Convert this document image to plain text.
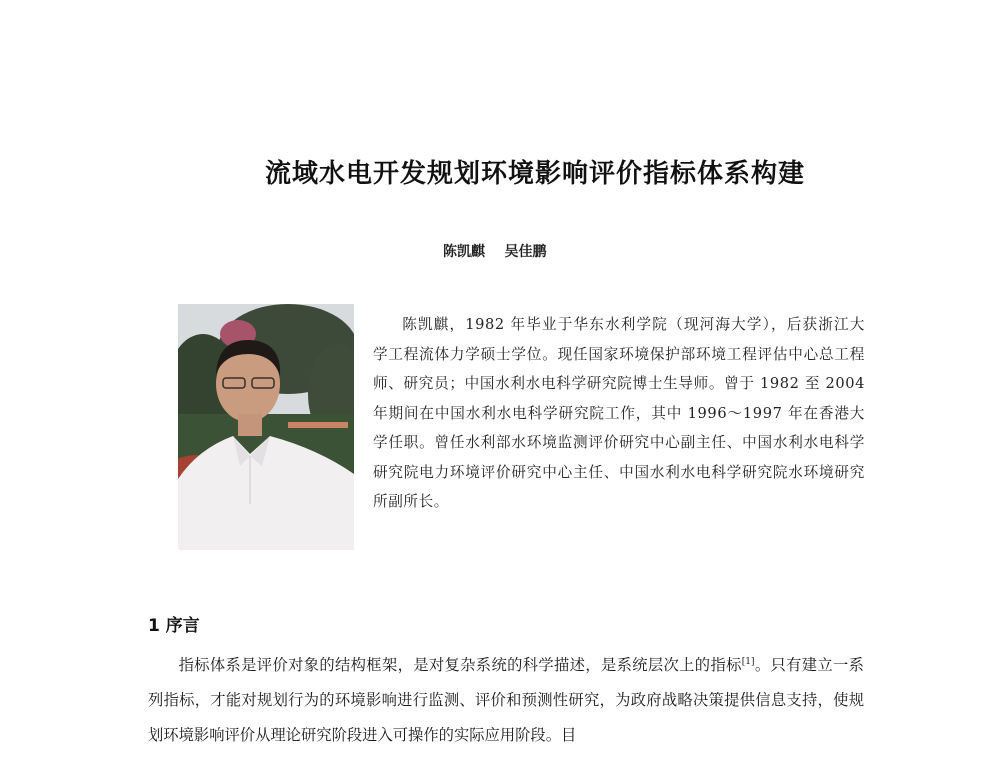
流域水电开发规划环境影响评价指标体系构建
陈凯麒 吴佳鹏

陈凯麒，1982 年毕业于华东水利学院（现河海大学），后获浙江大学工程流体力学硕士学位。现任国家环境保护部环境工程评估中心总工程师、研究员；中国水利水电科学研究院博士生导师。曾于 1982 至 2004 年期间在中国水利水电科学研究院工作，其中 1996～1997 年在香港大学任职。曾任水利部水环境监测评价研究中心副主任、中国水利水电科学研究院电力环境评价研究中心主任、中国水利水电科学研究院水环境研究所副所长。

1 序言

指标体系是评价对象的结构框架，是对复杂系统的科学描述，是系统层次上的指标[1]。只有建立一系列指标，才能对规划行为的环境影响进行监测、评价和预测性研究，为政府战略决策提供信息支持，使规划环境影响评价从理论研究阶段进入可操作的实际应用阶段。目
